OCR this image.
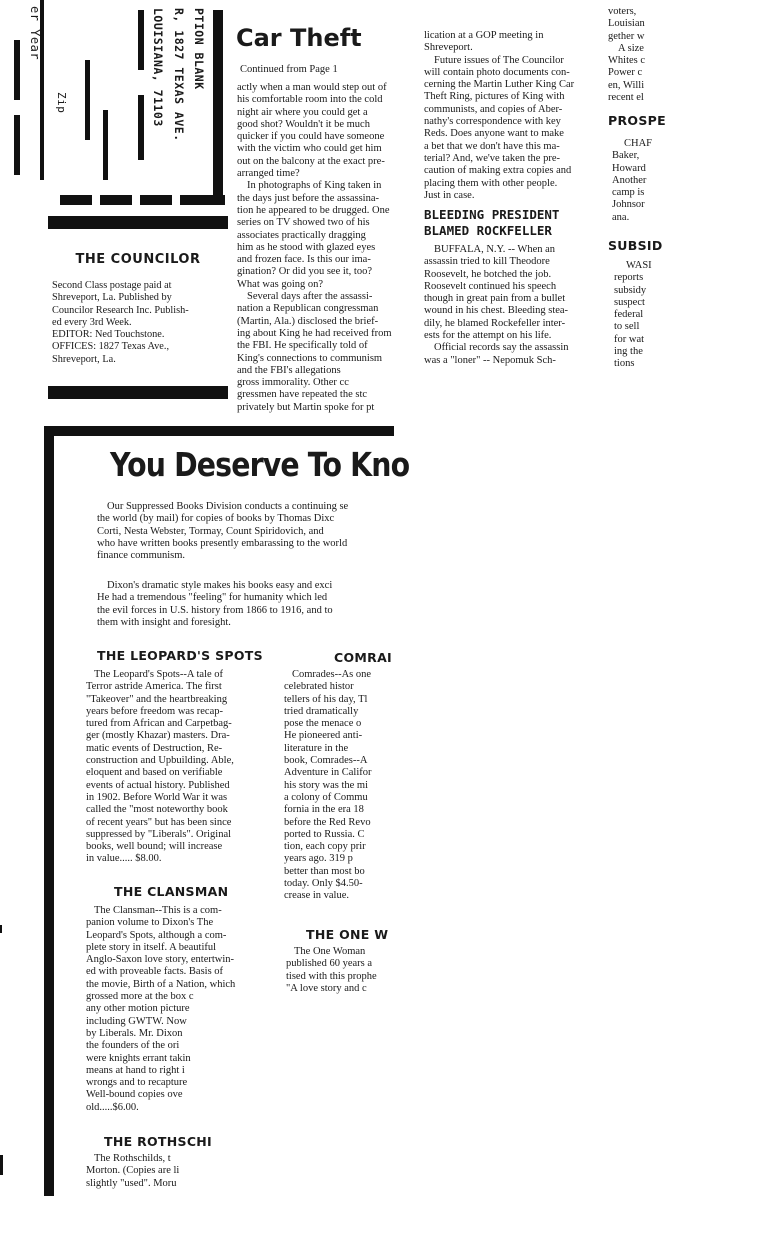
er Year
Zip
PTION BLANK
R, 1827 TEXAS AVE.
LOUISIANA, 71103
THE COUNCILOR
Second Class postage paid at
Shreveport, La. Published by
Councilor Research Inc. Publish-
ed every 3rd Week.
EDITOR: Ned Touchstone.
OFFICES: 1827 Texas Ave.,
Shreveport, La.
Car Theft
Continued from Page 1
actly when a man would step out of
his comfortable room into the cold
night air where you could get a
good shot? Wouldn't it be much
quicker if you could have someone
with the victim who could get him
out on the balcony at the exact pre-
arranged time?
In photographs of King taken in
the days just before the assassina-
tion he appeared to be drugged. One
series on TV showed two of his
associates practically dragging
him as he stood with glazed eyes
and frozen face. Is this our ima-
gination? Or did you see it, too?
What was going on?
Several days after the assassi-
nation a Republican congressman
(Martin, Ala.) disclosed the brief-
ing about King he had received from
the FBI. He specifically told of
King's connections to communism
and the FBI's allegations
gross immorality. Other cc
gressmen have repeated the stc
privately but Martin spoke for pt
lication at a GOP meeting in
Shreveport.
Future issues of The Councilor
will contain photo documents con-
cerning the Martin Luther King Car
Theft Ring, pictures of King with
communists, and copies of Aber-
nathy's correspondence with key
Reds. Does anyone want to make
a bet that we don't have this ma-
terial? And, we've taken the pre-
caution of making extra copies and
placing them with other people.
Just in case.
BLEEDING PRESIDENT
BLAMED ROCKFELLER
BUFFALA, N.Y. -- When an
assassin tried to kill Theodore
Roosevelt, he botched the job.
Roosevelt continued his speech
though in great pain from a bullet
wound in his chest. Bleeding stea-
dily, he blamed Rockefeller inter-
ests for the attempt on his life.
Official records say the assassin
was a "loner" -- Nepomuk Sch-
voters,
Louisian
gether w
A size
Whites c
Power c
en, Willi
recent el
PROSPE
CHAF
Baker,
Howard
Another
camp is
Johnsor
ana.
SUBSID
WASI
reports
subsidy
suspect
federal
to sell
for wat
ing the
tions
You Deserve To Kno
Our Suppressed Books Division conducts a continuing se
the world (by mail) for copies of books by Thomas Dixc
Corti, Nesta Webster, Tormay, Count Spiridovich, and
who have written books presently embarassing to the world
finance communism.
Dixon's dramatic style makes his books easy and exci
He had a tremendous "feeling" for humanity which led
the evil forces in U.S. history from 1866 to 1916, and to
them with insight and foresight.
THE LEOPARD'S SPOTS
The Leopard's Spots--A tale of
Terror astride America. The first
"Takeover" and the heartbreaking
years before freedom was recap-
tured from African and Carpetbag-
ger (mostly Khazar) masters. Dra-
matic events of Destruction, Re-
construction and Upbuilding. Able,
eloquent and based on verifiable
events of actual history. Published
in 1902. Before World War it was
called the "most noteworthy book
of recent years" but has been since
suppressed by "Liberals". Original
books, well bound; will increase
in value..... $8.00.
THE CLANSMAN
The Clansman--This is a com-
panion volume to Dixon's The
Leopard's Spots, although a com-
plete story in itself. A beautiful
Anglo-Saxon love story, entertwin-
ed with proveable facts. Basis of
the movie, Birth of a Nation, which
grossed more at the box c
any other motion picture
including GWTW. Now
by Liberals. Mr. Dixon
the founders of the ori
were knights errant takin
means at hand to right i
wrongs and to recapture
Well-bound copies ove
old.....$6.00.
THE ROTHSCHI
The Rothschilds, t
Morton. (Copies are li
slightly "used". Moru
COMRAI
Comrades--As one
celebrated histor
tellers of his day, Tl
tried dramatically
pose the menace o
He pioneered anti-
literature in the
book, Comrades--A
Adventure in Califor
his story was the mi
a colony of Commu
fornia in the era 18
before the Red Revo
ported to Russia. C
tion, each copy prir
years ago. 319 p
better than most bo
today. Only $4.50-
crease in value.
THE ONE W
The One Woman
published 60 years a
tised with this prophe
"A love story and c
